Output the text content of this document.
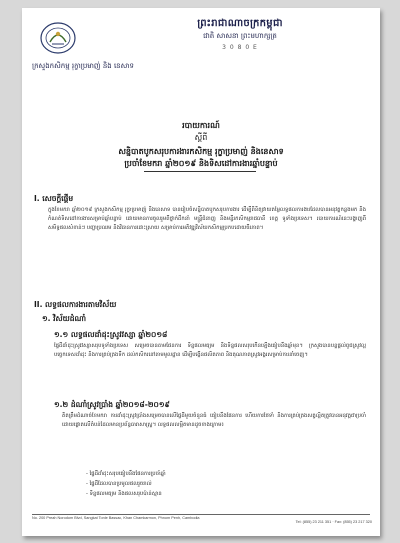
ព្រះរាជាណាចក្រកម្ពុជា
ជាតិ សាសនា ព្រះមហាក្សត្រ
3 0 8 0 E
ក្រសួងកសិកម្ម រុក្ខាប្រមាញ់ និង នេសាទ
របាយការណ៍
ស្តីពី
សន្និបាតបូកសរុបការងារកសិកម្ម រុក្ខាប្រមាញ់ និងនេសាទ
ប្រចាំខែមករា ឆ្នាំ២០១៩ និងទិសដៅការងារឆ្នាំបន្ទាប់
I. សេចក្តីផ្តើម
ក្នុងខែមករា ឆ្នាំ២០១៩ ក្រសួងកសិកម្ម រុក្ខាប្រមាញ់ និងនេសាទ បានរៀបចំសន្និបាតបូកសរុបការងារ ដើម្បីពិនិត្យវាយតម្លៃលទ្ធផលការងារដែលបានអនុវត្តកន្លងមក និងកំណត់ទិសដៅការងារសម្រាប់ឆ្នាំបន្ទាប់ ដោយមានការចូលរួមពីថ្នាក់ដឹកនាំ មន្ត្រីជំនាញ និងមន្ទីរកសិកម្មរាជធានី ខេត្ត ទូទាំងប្រទេស។ របាយការណ៍នេះបង្ហាញពីសមិទ្ធផលសំខាន់ៗ បញ្ហាប្រឈម និងវិធានការដោះស្រាយ សម្រាប់ការអភិវឌ្ឍវិស័យកសិកម្មប្រកបដោយចីរភាព។
II. លទ្ធផលការងារតាមវិស័យ
១. វិស័យដំណាំ
១.១ លទ្ធផលដាំដុះស្រូវវស្សា ឆ្នាំ២០១៨
ផ្ទៃដីដាំដុះស្រូវវស្សាសរុបទូទាំងប្រទេស សម្រេចបានតាមផែនការ ទិន្នផលមធ្យម និងទិន្នផលសរុបកើនឡើងធៀបនឹងឆ្នាំមុន។ ក្រសួងបានបន្តផ្តល់ពូជស្រូវល្អ បច្ចេកទេសដាំដុះ និងការគ្រប់គ្រងទឹក ដល់កសិករនៅតាមមូលដ្ឋាន ដើម្បីបង្កើនផលិតភាព និងគុណភាពស្រូវអង្ករសម្រាប់ការនាំចេញ។
១.២ ដំណាំស្រូវប្រាំង ឆ្នាំ២០១៨-២០១៩
គិតត្រឹមដំណាច់ខែមករា ការដាំដុះស្រូវប្រាំងសម្រេចបានលើផ្ទៃដីមួយចំនួនធំ ធៀបនឹងផែនការ ហើយការថែទាំ និងការគ្រប់គ្រងសត្វល្អិតត្រូវបានអនុវត្តជាប្រចាំ ដោយផ្តោតលើតំបន់ដែលមានប្រព័ន្ធធារាសាស្ត្រ។ លទ្ធផលលម្អិតមានដូចខាងក្រោម៖
- ផ្ទៃដីដាំដុះសរុបធៀបនឹងផែនការប្រចាំឆ្នាំ
- ផ្ទៃដីដែលបានប្រមូលផលរួចរាល់
- ទិន្នផលមធ្យម និងផលសរុបប៉ាន់ស្មាន
No. 200 Preah Norodom Blvd, Sangkat Tonle Bassac, Khan Chamkarmon, Phnom Penh, Cambodia
Tel: (855) 23 211 351 · Fax: (855) 23 217 320
